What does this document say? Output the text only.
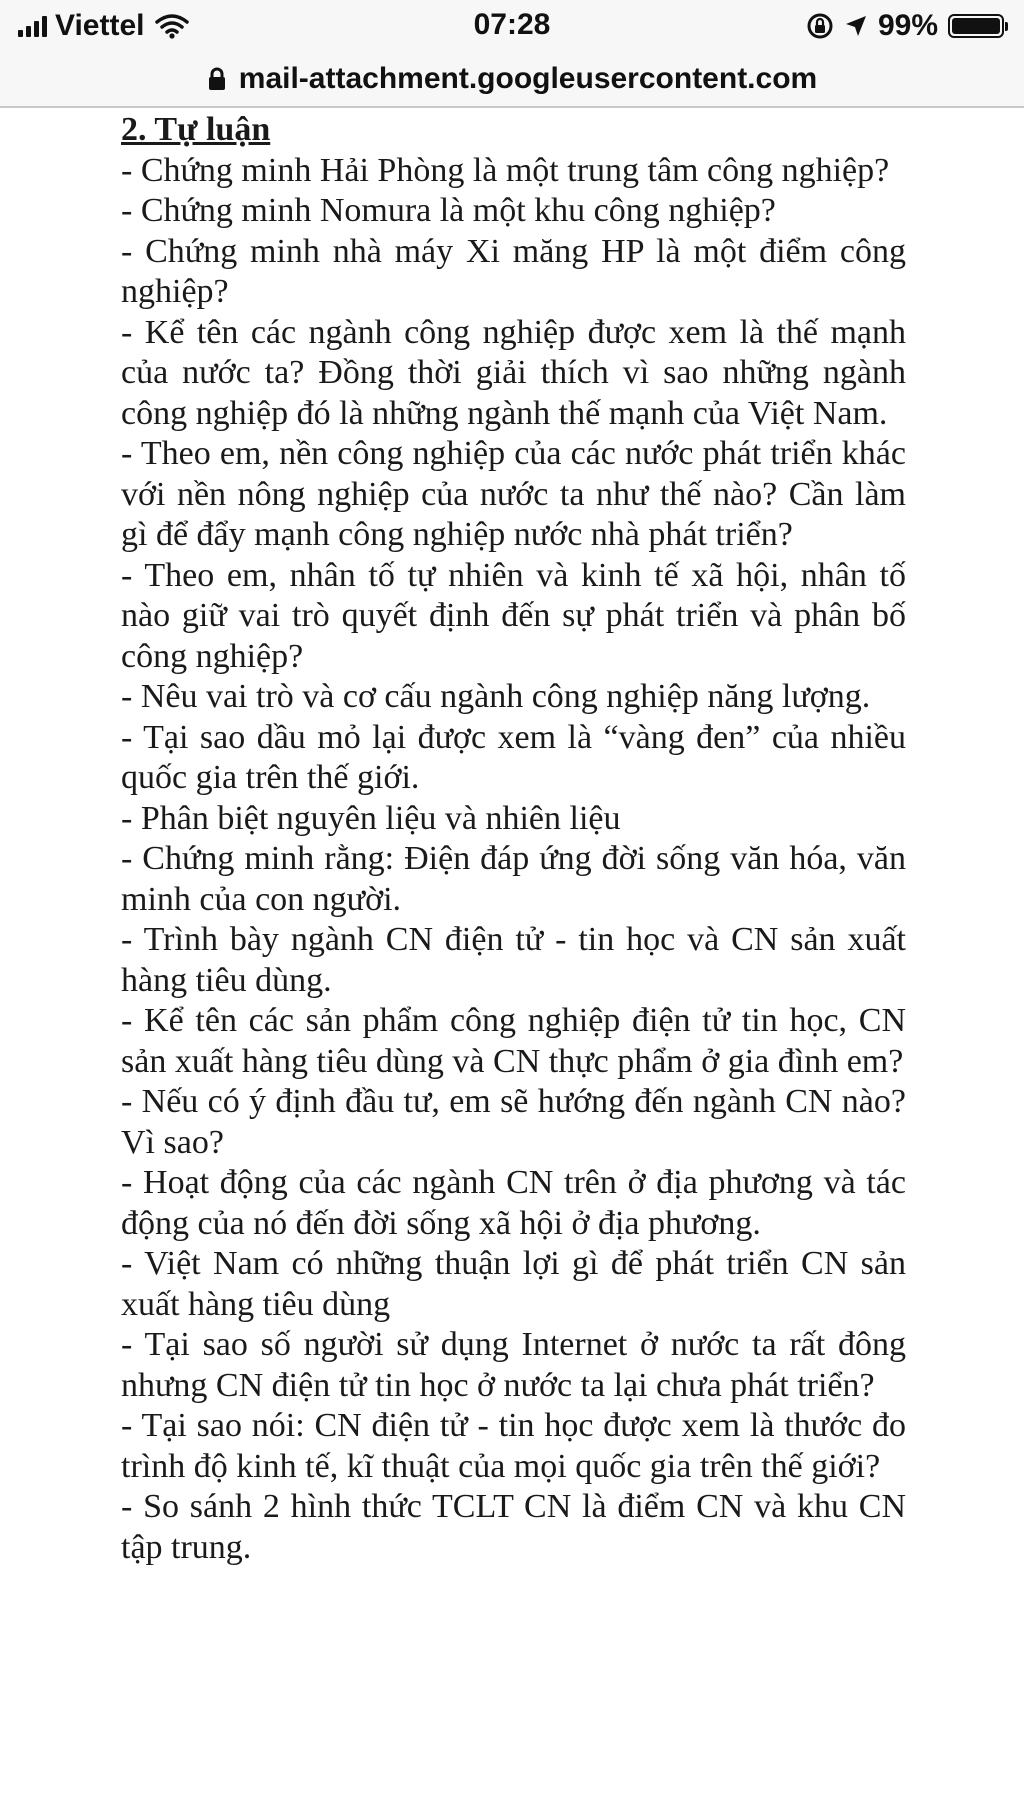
Viettel	07:28	99%
mail-attachment.googleusercontent.com

2. Tự luận

- Chứng minh Hải Phòng là một trung tâm công nghiệp?

- Chứng minh Nomura là một khu công nghiệp?

- Chứng minh nhà máy Xi măng HP là một điểm công nghiệp?

- Kể tên các ngành công nghiệp được xem là thế mạnh của nước ta? Đồng thời giải thích vì sao những ngành công nghiệp đó là những ngành thế mạnh của Việt Nam.

- Theo em, nền công nghiệp của các nước phát triển khác với nền nông nghiệp của nước ta như thế nào? Cần làm gì để đẩy mạnh công nghiệp nước nhà phát triển?

- Theo em, nhân tố tự nhiên và kinh tế xã hội, nhân tố nào giữ vai trò quyết định đến sự phát triển và phân bố công nghiệp?

- Nêu vai trò và cơ cấu ngành công nghiệp năng lượng.

- Tại sao dầu mỏ lại được xem là “vàng đen” của nhiều quốc gia trên thế giới.

- Phân biệt nguyên liệu và nhiên liệu

- Chứng minh rằng: Điện đáp ứng đời sống văn hóa, văn minh của con người.

- Trình bày ngành CN điện tử - tin học và CN sản xuất hàng tiêu dùng.

- Kể tên các sản phẩm công nghiệp điện tử tin học, CN sản xuất hàng tiêu dùng và CN thực phẩm ở gia đình em?

- Nếu có ý định đầu tư, em sẽ hướng đến ngành CN nào? Vì sao?

- Hoạt động của các ngành CN trên ở địa phương và tác động của nó đến đời sống xã hội ở địa phương.

- Việt Nam có những thuận lợi gì để phát triển CN sản xuất hàng tiêu dùng

- Tại sao số người sử dụng Internet ở nước ta rất đông nhưng CN điện tử tin học ở nước ta lại chưa phát triển?

- Tại sao nói: CN điện tử - tin học được xem là thước đo trình độ kinh tế, kĩ thuật của mọi quốc gia trên thế giới?

- So sánh 2 hình thức TCLT CN là điểm CN và khu CN tập trung.
